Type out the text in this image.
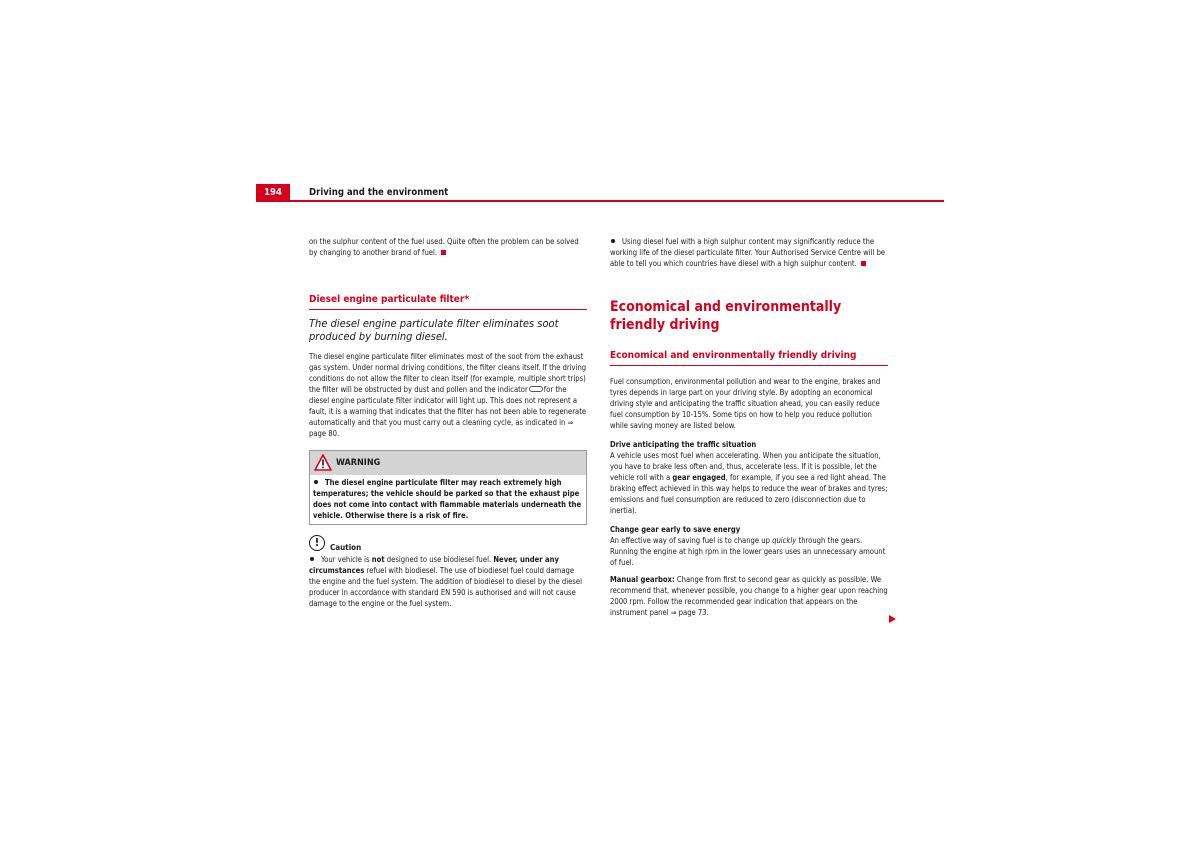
194	Driving and the environment

on the sulphur content of the fuel used. Quite often the problem can be solved by changing to another brand of fuel.

Diesel engine particulate filter*

The diesel engine particulate filter eliminates soot produced by burning diesel.

The diesel engine particulate filter eliminates most of the soot from the exhaust gas system. Under normal driving conditions, the filter cleans itself. If the driving conditions do not allow the filter to clean itself (for example, multiple short trips) the filter will be obstructed by dust and pollen and the indicator for the diesel engine particulate filter indicator will light up. This does not represent a fault, it is a warning that indicates that the filter has not been able to regenerate automatically and that you must carry out a cleaning cycle, as indicated in ⇒ page 80.

WARNING
The diesel engine particulate filter may reach extremely high temperatures; the vehicle should be parked so that the exhaust pipe does not come into contact with flammable materials underneath the vehicle. Otherwise there is a risk of fire.
!	Caution

Your vehicle is not designed to use biodiesel fuel. Never, under any circumstances refuel with biodiesel. The use of biodiesel fuel could damage the engine and the fuel system. The addition of biodiesel to diesel by the diesel producer in accordance with standard EN 590 is authorised and will not cause damage to the engine or the fuel system.

Using diesel fuel with a high sulphur content may significantly reduce the working life of the diesel particulate filter. Your Authorised Service Centre will be able to tell you which countries have diesel with a high sulphur content.

Economical and environmentally friendly driving
Economical and environmentally friendly driving

Fuel consumption, environmental pollution and wear to the engine, brakes and tyres depends in large part on your driving style. By adopting an economical driving style and anticipating the traffic situation ahead, you can easily reduce fuel consumption by 10-15%. Some tips on how to help you reduce pollution while saving money are listed below.

Drive anticipating the traffic situation

A vehicle uses most fuel when accelerating. When you anticipate the situation, you have to brake less often and, thus, accelerate less. If it is possible, let the vehicle roll with a gear engaged, for example, if you see a red light ahead. The braking effect achieved in this way helps to reduce the wear of brakes and tyres; emissions and fuel consumption are reduced to zero (disconnection due to inertia).

Change gear early to save energy

An effective way of saving fuel is to change up quickly through the gears. Running the engine at high rpm in the lower gears uses an unnecessary amount of fuel.

Manual gearbox: Change from first to second gear as quickly as possible. We recommend that, whenever possible, you change to a higher gear upon reaching 2000 rpm. Follow the recommended gear indication that appears on the instrument panel ⇒ page 73.
